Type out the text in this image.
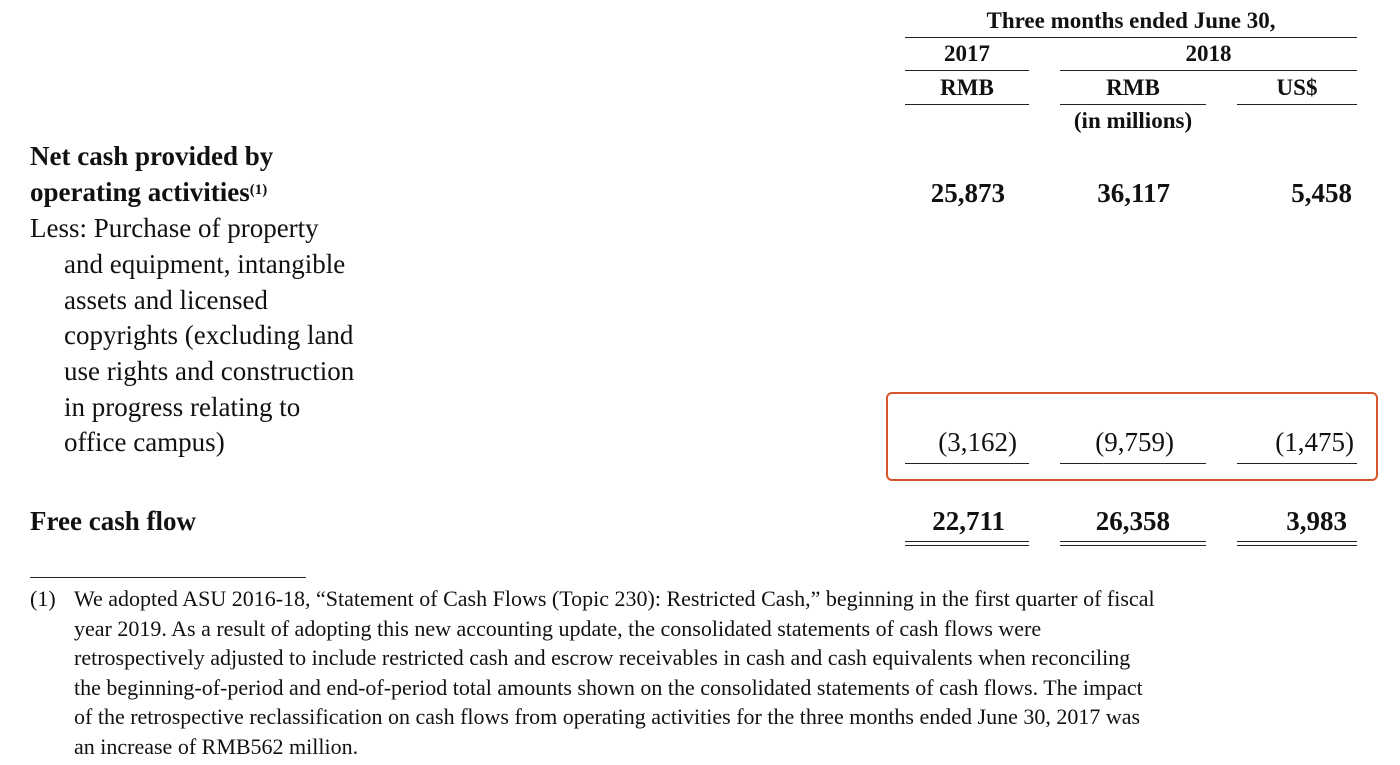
Three months ended June 30,
2017	2018
RMB	RMB	US$
(in millions)
Net cash provided by
operating activities$^{(1)}$	25,873	36,117	5,458
Less: Purchase of property
and equipment, intangible
assets and licensed
copyrights (excluding land
use rights and construction
in progress relating to
office campus)	(3,162)	(9,759)	(1,475)
Free cash flow	22,711	26,358	3,983
(1) We adopted ASU 2016-18, “Statement of Cash Flows (Topic 230): Restricted Cash,” beginning in the first quarter of fiscal
year 2019. As a result of adopting this new accounting update, the consolidated statements of cash flows were
retrospectively adjusted to include restricted cash and escrow receivables in cash and cash equivalents when reconciling
the beginning-of-period and end-of-period total amounts shown on the consolidated statements of cash flows. The impact
of the retrospective reclassification on cash flows from operating activities for the three months ended June 30, 2017 was
an increase of RMB562 million.
